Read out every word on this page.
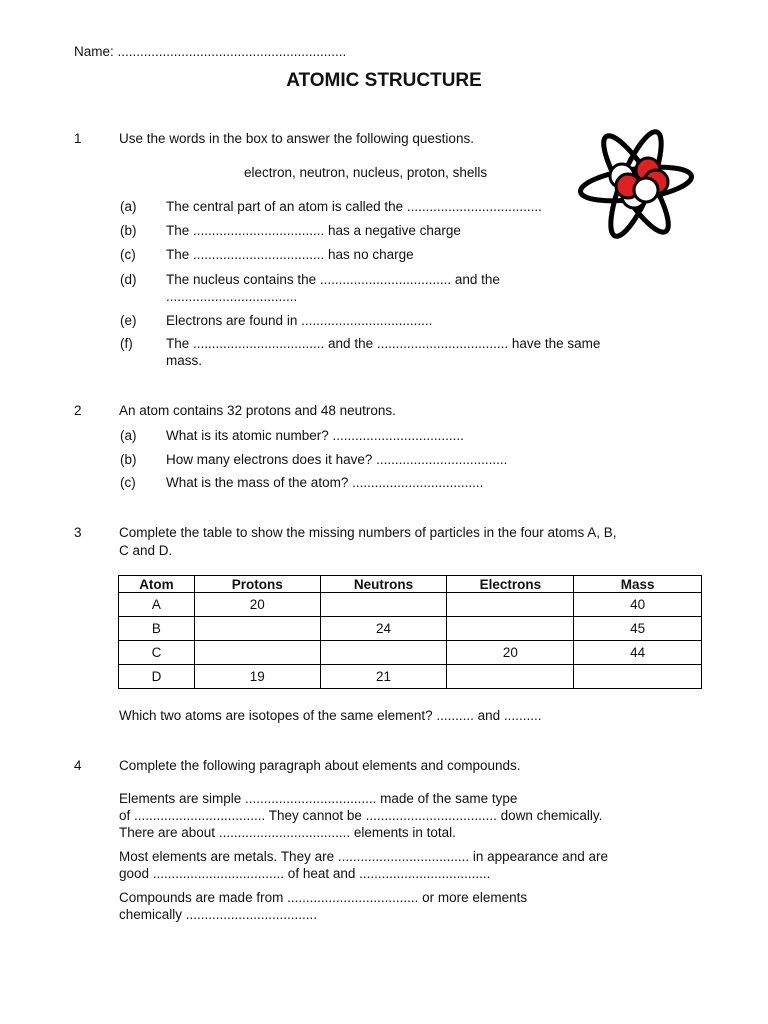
Name: .............................................................
ATOMIC STRUCTURE
1	Use the words in the box to answer the following questions.
electron, neutron, nucleus, proton, shells
(a) The central part of an atom is called the ....................................
(b) The ................................... has a negative charge
(c) The ................................... has no charge
(d) The nucleus contains the ................................... and the
...................................
(e) Electrons are found in ...................................
(f) The ................................... and the ................................... have the same
mass.
2	An atom contains 32 protons and 48 neutrons.
(a) What is its atomic number? ...................................
(b) How many electrons does it have? ...................................
(c) What is the mass of the atom? ...................................
3	Complete the table to show the missing numbers of particles in the four atoms A, B,
C and D.
Atom	Protons	Neutrons	Electrons	Mass
A	20			40
B		24		45
C			20	44
D	19	21		
Which two atoms are isotopes of the same element? .......... and ..........
4	Complete the following paragraph about elements and compounds.
Elements are simple ................................... made of the same type
of ................................... They cannot be ................................... down chemically.
There are about ................................... elements in total.
Most elements are metals. They are ................................... in appearance and are
good ................................... of heat and ...................................
Compounds are made from ................................... or more elements
chemically ...................................
